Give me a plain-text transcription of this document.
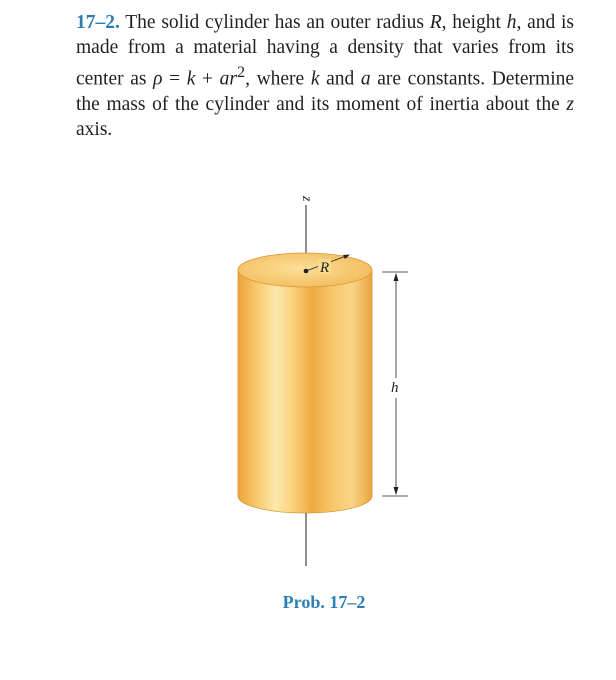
17–2. The solid cylinder has an outer radius R, height h, and is made from a material having a density that varies from its center as $\rho = k + ar^2$, where k and a are constants. Determine the mass of the cylinder and its moment of inertia about the z axis.

z
R
h
Prob. 17–2
